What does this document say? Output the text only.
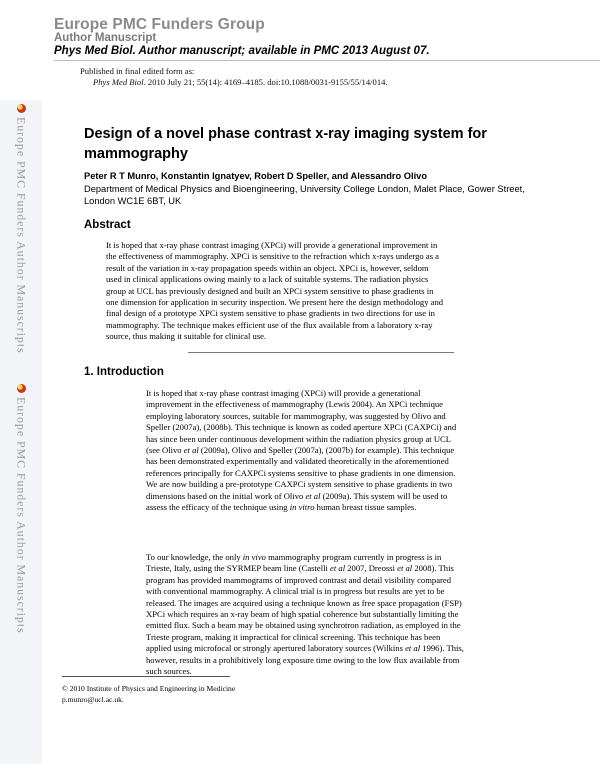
Europe PMC Funders Group
Author Manuscript
Phys Med Biol. Author manuscript; available in PMC 2013 August 07.
Published in final edited form as:
Phys Med Biol. 2010 July 21; 55(14): 4169–4185. doi:10.1088/0031-9155/55/14/014.
Europe PMC Funders Author Manuscripts
Europe PMC Funders Author Manuscripts
Design of a novel phase contrast x-ray imaging system for mammography
Peter R T Munro, Konstantin Ignatyev, Robert D Speller, and Alessandro Olivo
Department of Medical Physics and Bioengineering, University College London, Malet Place, Gower Street, London WC1E 6BT, UK
Abstract
It is hoped that x-ray phase contrast imaging (XPCi) will provide a generational improvement in
the effectiveness of mammography. XPCi is sensitive to the refraction which x-rays undergo as a
result of the variation in x-ray propagation speeds within an object. XPCi is, however, seldom
used in clinical applications owing mainly to a lack of suitable systems. The radiation physics
group at UCL has previously designed and built an XPCi system sensitive to phase gradients in
one dimension for application in security inspection. We present here the design methodology and
final design of a prototype XPCi system sensitive to phase gradients in two directions for use in
mammography. The technique makes efficient use of the flux available from a laboratory x-ray
source, thus making it suitable for clinical use.
1. Introduction
It is hoped that x-ray phase contrast imaging (XPCi) will provide a generational
improvement in the effectiveness of mammography (Lewis 2004). An XPCi technique
employing laboratory sources, suitable for mammography, was suggested by Olivo and
Speller (2007a), (2008b). This technique is known as coded aperture XPCi (CAXPCi) and
has since been under continuous development within the radiation physics group at UCL
(see Olivo et al (2009a), Olivo and Speller (2007a), (2007b) for example). This technique
has been demonstrated experimentally and validated theoretically in the aforementioned
references principally for CAXPCi systems sensitive to phase gradients in one dimension.
We are now building a pre-prototype CAXPCi system sensitive to phase gradients in two
dimensions based on the initial work of Olivo et al (2009a). This system will be used to
assess the efficacy of the technique using in vitro human breast tissue samples.
To our knowledge, the only in vivo mammography program currently in progress is in
Trieste, Italy, using the SYRMEP beam line (Castelli et al 2007, Dreossi et al 2008). This
program has provided mammograms of improved contrast and detail visibility compared
with conventional mammography. A clinical trial is in progress but results are yet to be
released. The images are acquired using a technique known as free space propagation (FSP)
XPCi which requires an x-ray beam of high spatial coherence but substantially limiting the
emitted flux. Such a beam may be obtained using synchrotron radiation, as employed in the
Trieste program, making it impractical for clinical screening. This technique has been
applied using microfocal or strongly apertured laboratory sources (Wilkins et al 1996). This,
however, results in a prohibitively long exposure time owing to the low flux available from
such sources.
© 2010 Institute of Physics and Engineering in Medicine
p.munro@ucl.ac.uk.
